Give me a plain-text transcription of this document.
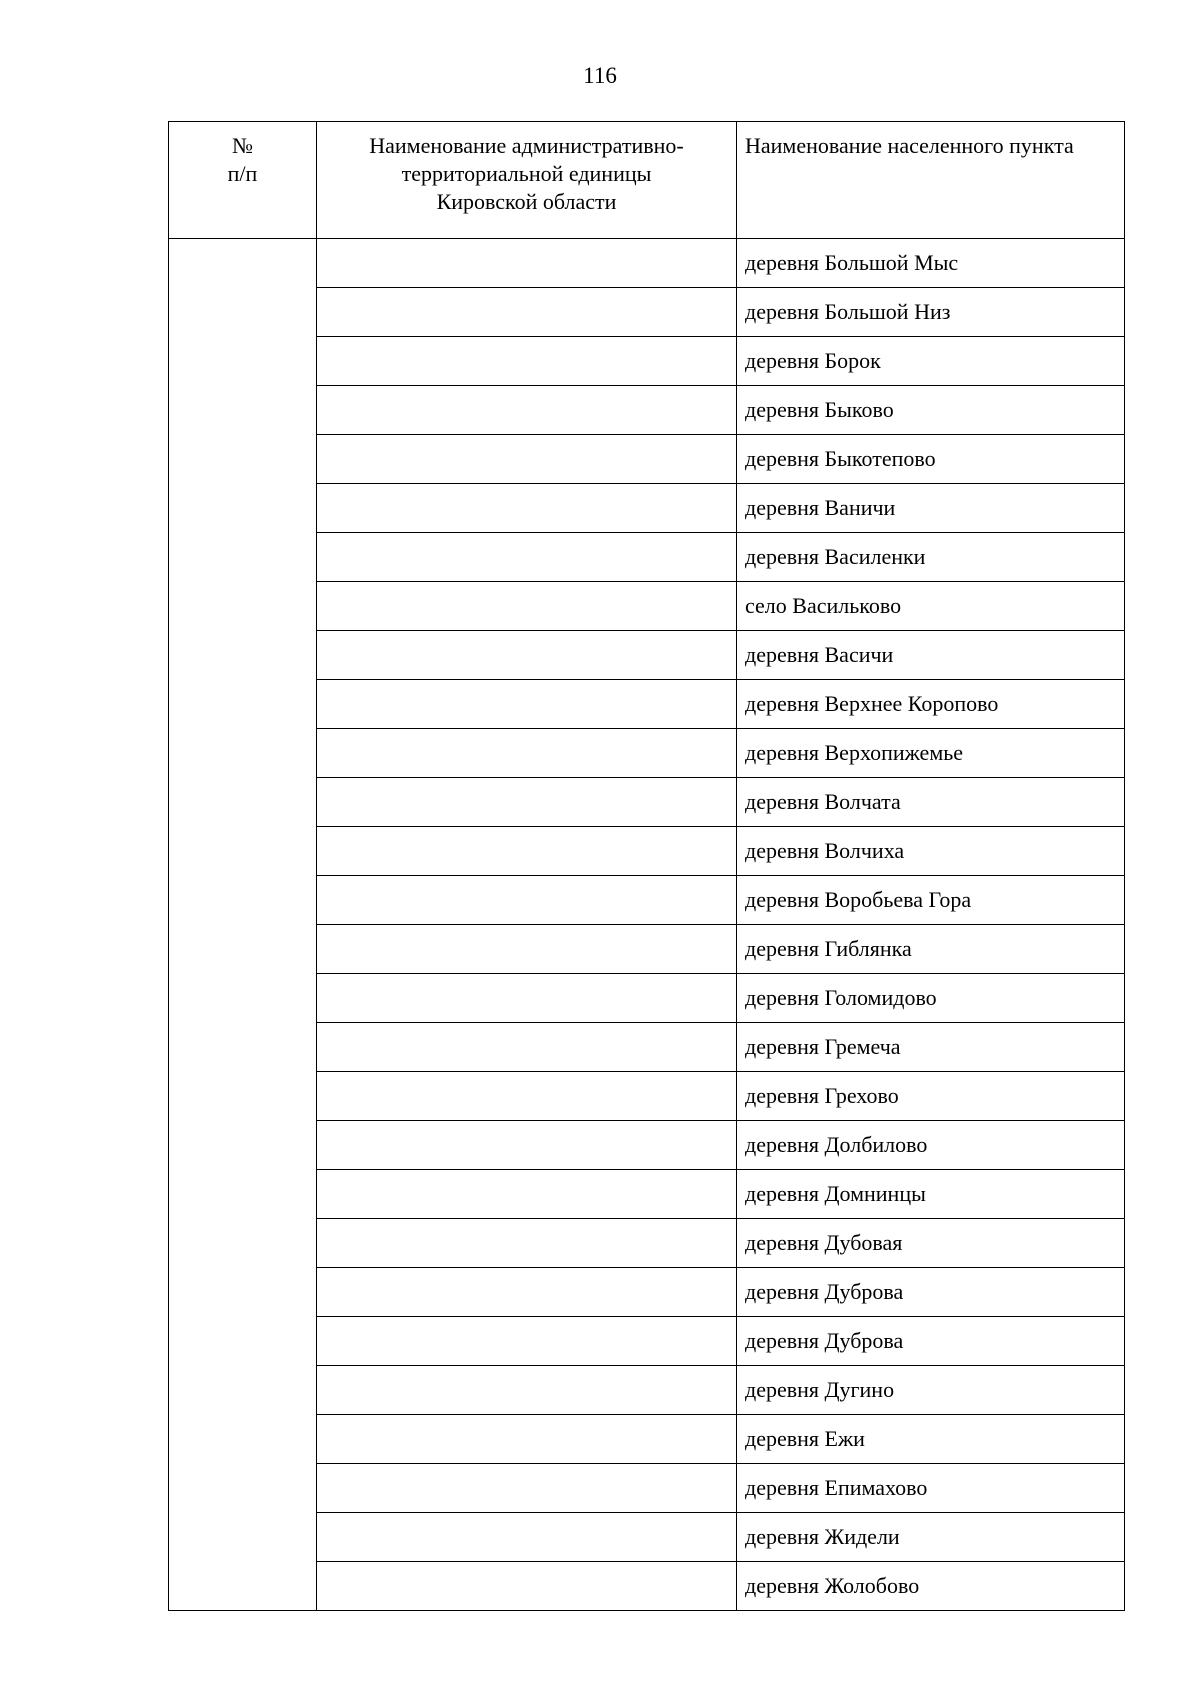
116
№
п/п	Наименование административно-
территориальной единицы
Кировской области	Наименование населенного пункта
		деревня Большой Мыс
		деревня Большой Низ
		деревня Борок
		деревня Быково
		деревня Быкотепово
		деревня Ваничи
		деревня Василенки
		село Васильково
		деревня Васичи
		деревня Верхнее Коропово
		деревня Верхопижемье
		деревня Волчата
		деревня Волчиха
		деревня Воробьева Гора
		деревня Гиблянка
		деревня Голомидово
		деревня Гремеча
		деревня Грехово
		деревня Долбилово
		деревня Домнинцы
		деревня Дубовая
		деревня Дуброва
		деревня Дуброва
		деревня Дугино
		деревня Ежи
		деревня Епимахово
		деревня Жидели
		деревня Жолобово
